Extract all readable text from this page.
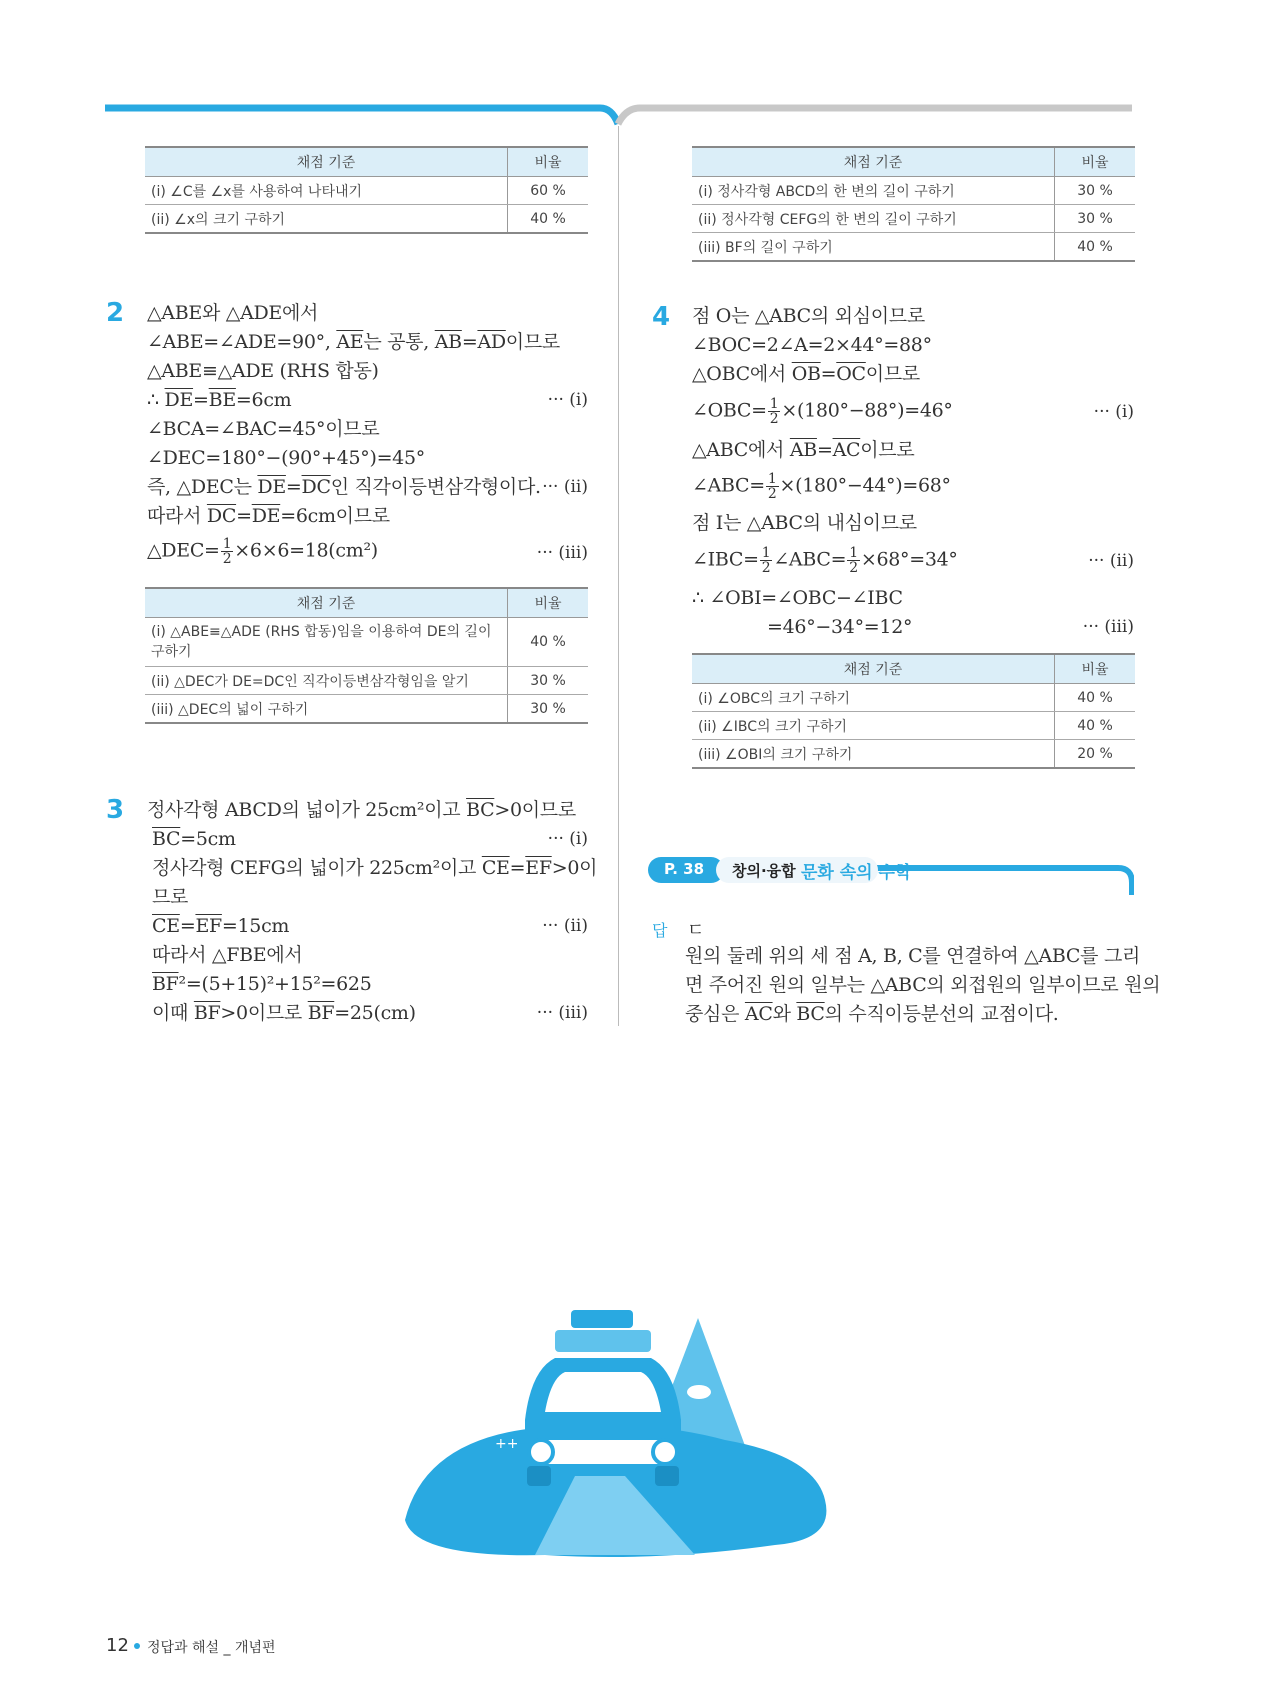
채점 기준	비율
(i) ∠C를 ∠x를 사용하여 나타내기	60 %
(ii) ∠x의 크기 구하기	40 %
2 △ABE와 △ADE에서
∠ABE=∠ADE=90°, $\overline{AE}$는 공통, $\overline{AB}=\overline{AD}$이므로
△ABE≡△ADE (RHS 합동)
∴ $\overline{DE}=\overline{BE}=6cm$	··· (i)
∠BCA=∠BAC=45°이므로
∠DEC=180°−(90°+45°)=45°
즉, △DEC는 $\overline{DE}=\overline{DC}$인 직각이등변삼각형이다. ··· (ii)
따라서 $\overline{DC}=\overline{DE}=6cm$이므로
△DEC= $\frac{1}{2} \times 6\times 6=18(cm^2)$	··· (iii)
채점 기준	비율
(i) △ABE≡△ADE (RHS 합동)임을 이용하여 DE의 길이 구하기	40 %
(ii) △DEC가 DE=DC인 직각이등변삼각형임을 알기	30 %
(iii) △DEC의 넓이 구하기	30 %
3 정사각형 ABCD의 넓이가 25cm²이고 $\overline{BC}>0$이므로
$\overline{BC}=5cm$	··· (i)
정사각형 CEFG의 넓이가 225cm²이고 $\overline{CE}=\overline{EF}>0$이
므로
$\overline{CE}=\overline{EF}=15cm$	··· (ii)
따라서 △FBE에서
$\overline{BF}^2=(5+15)^2+15^2=625$
이때 $\overline{BF}>0$이므로 $\overline{BF}=25(cm)$	··· (iii)
채점 기준	비율
(i) 정사각형 ABCD의 한 변의 길이 구하기	30 %
(ii) 정사각형 CEFG의 한 변의 길이 구하기	30 %
(iii) BF의 길이 구하기	40 %
4 점 O는 △ABC의 외심이므로
∠BOC=2∠A=2×44°=88°
△OBC에서 $\overline{OB}=\overline{OC}$이므로
∠OBC= $\frac{1}{2} \times(180^\circ-88^\circ)=46^\circ$	··· (i)
△ABC에서 $\overline{AB}=\overline{AC}$이므로
∠ABC= $\frac{1}{2} \times(180^\circ-44^\circ)=68^\circ$
점 I는 △ABC의 내심이므로
∠IBC= $\frac{1}{2}$ ∠ABC= $\frac{1}{2} \times 68^\circ=34^\circ$	··· (ii)
∴ ∠OBI=∠OBC−∠IBC
=46°−34°=12°	··· (iii)
채점 기준	비율
(i) ∠OBC의 크기 구하기	40 %
(ii) ∠IBC의 크기 구하기	40 %
(iii) ∠OBI의 크기 구하기	20 %
P. 38 창의·융합 문화 속의 수학
답 ㄷ
원의 둘레 위의 세 점 A, B, C를 연결하여 △ABC를 그리
면 주어진 원의 일부는 △ABC의 외접원의 일부이므로 원의
중심은 $\overline{AC}$와 $\overline{BC}$의 수직이등분선의 교점이다.
++
12 정답과 해설 _ 개념편
